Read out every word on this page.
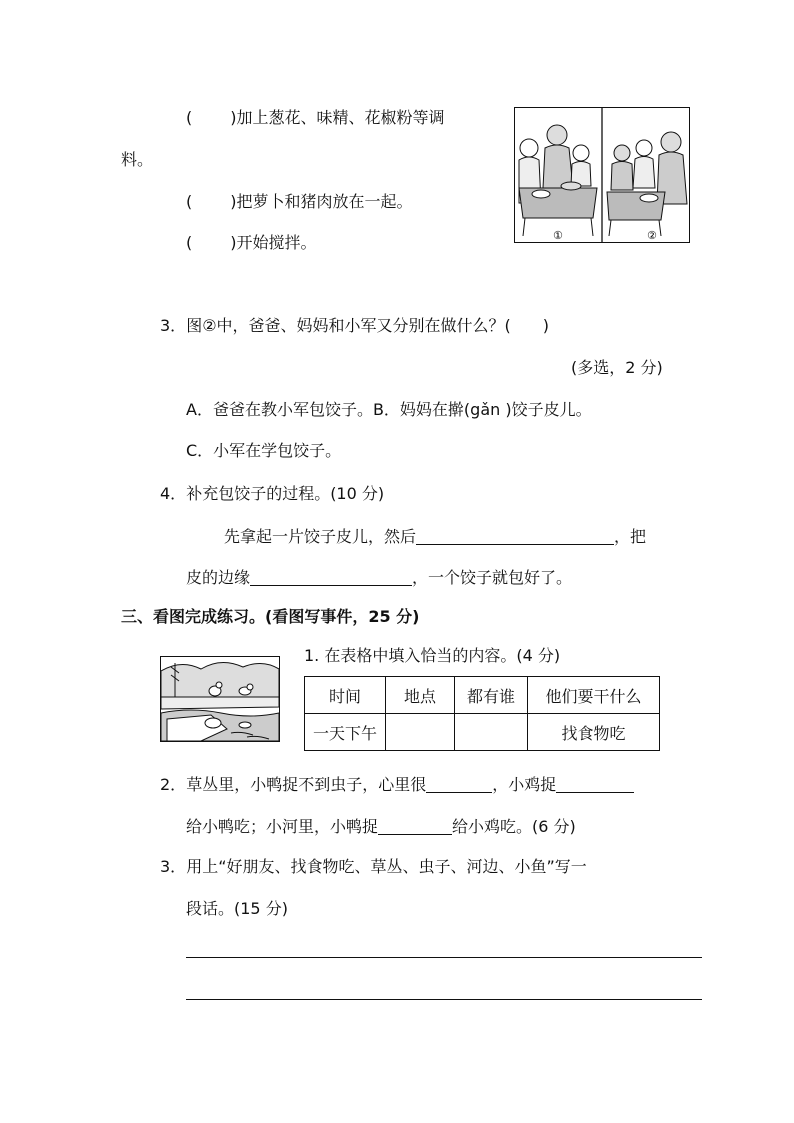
( )加上葱花、味精、花椒粉等调
料。
( )把萝卜和猪肉放在一起。
( )开始搅拌。	①	②
3．图②中，爸爸、妈妈和小军又分别在做什么？( )
(多选，2 分)
A．爸爸在教小军包饺子。B．妈妈在擀(gǎn )饺子皮儿。
C．小军在学包饺子。
4．补充包饺子的过程。(10 分)
先拿起一片饺子皮儿，然后	，把
皮的边缘	，一个饺子就包好了。
三、看图完成练习。(看图写事件，25 分)
1. 在表格中填入恰当的内容。(4 分)
时间	地点	都有谁	他们要干什么
一天下午			找食物吃
2．草丛里，小鸭捉不到虫子，心里很	，小鸡捉
给小鸭吃；小河里，小鸭捉	给小鸡吃。(6 分)
3．用上“好朋友、找食物吃、草丛、虫子、河边、小鱼”写一
段话。(15 分)
